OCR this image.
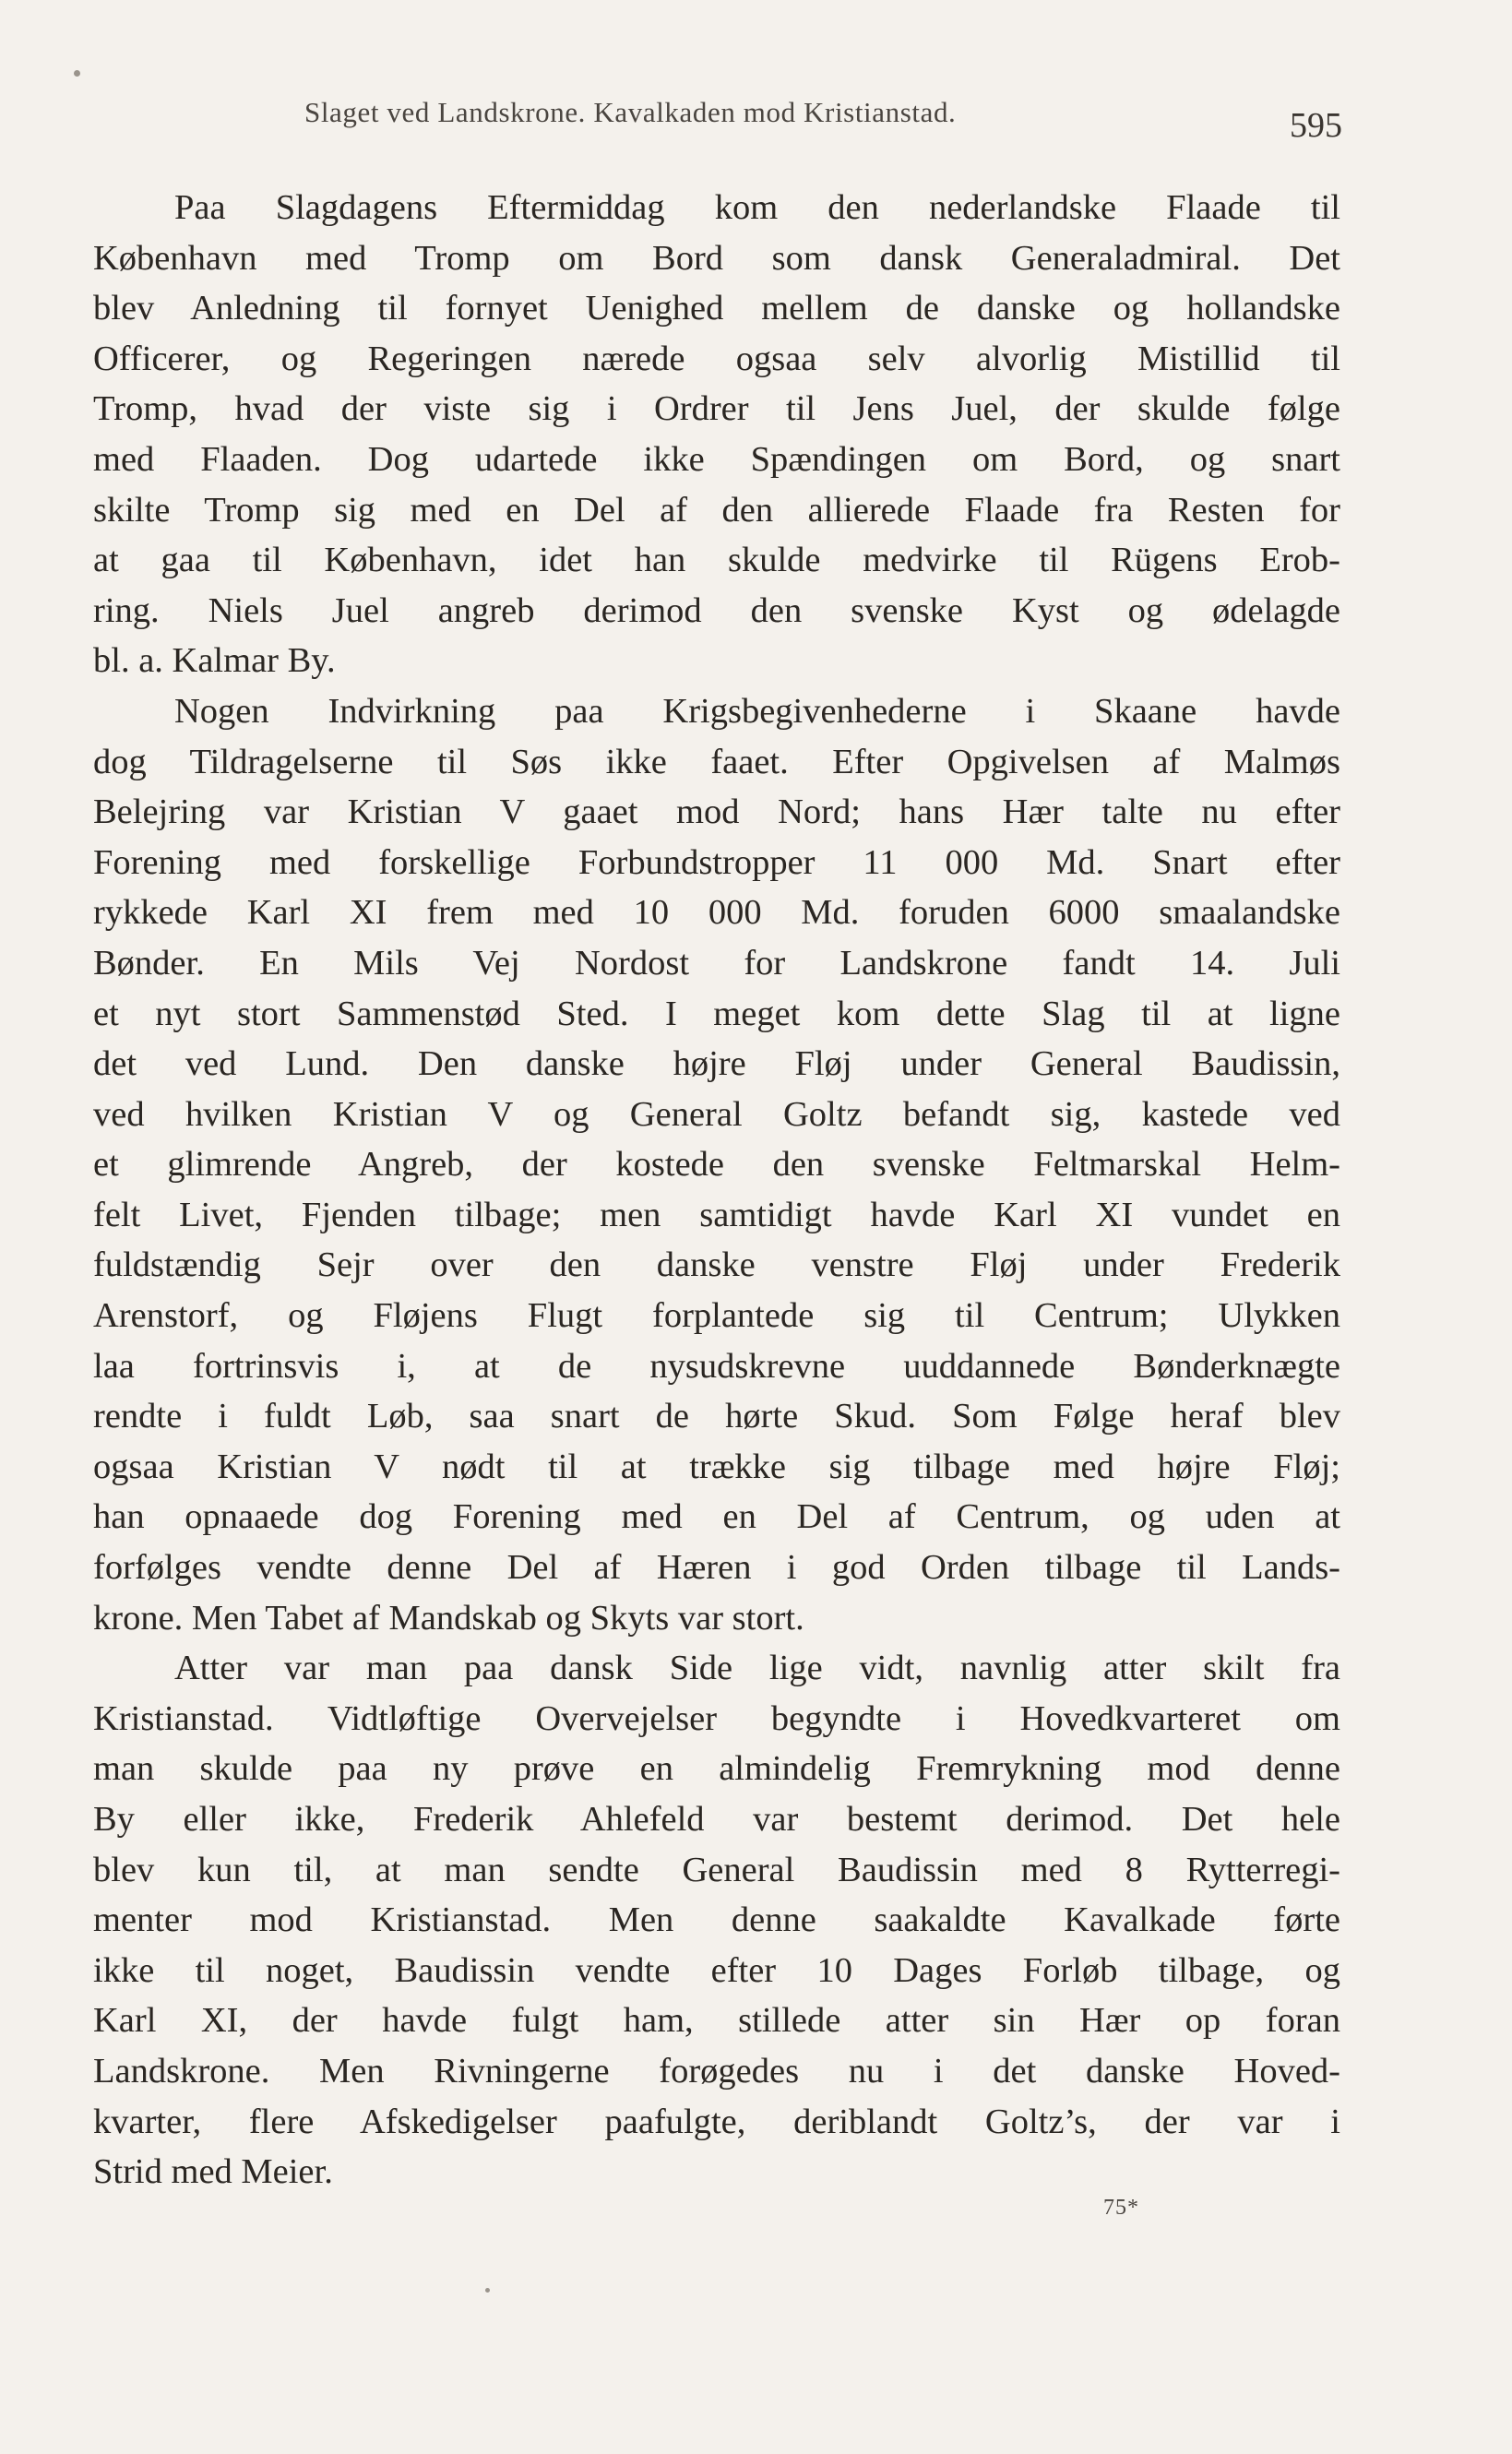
Slaget ved Landskrone. Kavalkaden mod Kristianstad.	595
Paa Slagdagens Eftermiddag kom den nederlandske Flaade til
København med Tromp om Bord som dansk Generaladmiral. Det
blev Anledning til fornyet Uenighed mellem de danske og hollandske
Officerer, og Regeringen nærede ogsaa selv alvorlig Mistillid til
Tromp, hvad der viste sig i Ordrer til Jens Juel, der skulde følge
med Flaaden. Dog udartede ikke Spændingen om Bord, og snart
skilte Tromp sig med en Del af den allierede Flaade fra Resten for
at gaa til København, idet han skulde medvirke til Rügens Erob-
ring. Niels Juel angreb derimod den svenske Kyst og ødelagde
bl. a. Kalmar By.
Nogen Indvirkning paa Krigsbegivenhederne i Skaane havde
dog Tildragelserne til Søs ikke faaet. Efter Opgivelsen af Malmøs
Belejring var Kristian V gaaet mod Nord; hans Hær talte nu efter
Forening med forskellige Forbundstropper 11 000 Md. Snart efter
rykkede Karl XI frem med 10 000 Md. foruden 6000 smaalandske
Bønder. En Mils Vej Nordost for Landskrone fandt 14. Juli
et nyt stort Sammenstød Sted. I meget kom dette Slag til at ligne
det ved Lund. Den danske højre Fløj under General Baudissin,
ved hvilken Kristian V og General Goltz befandt sig, kastede ved
et glimrende Angreb, der kostede den svenske Feltmarskal Helm-
felt Livet, Fjenden tilbage; men samtidigt havde Karl XI vundet en
fuldstændig Sejr over den danske venstre Fløj under Frederik
Arenstorf, og Fløjens Flugt forplantede sig til Centrum; Ulykken
laa fortrinsvis i, at de nysudskrevne uuddannede Bønderknægte
rendte i fuldt Løb, saa snart de hørte Skud. Som Følge heraf blev
ogsaa Kristian V nødt til at trække sig tilbage med højre Fløj;
han opnaaede dog Forening med en Del af Centrum, og uden at
forfølges vendte denne Del af Hæren i god Orden tilbage til Lands-
krone. Men Tabet af Mandskab og Skyts var stort.
Atter var man paa dansk Side lige vidt, navnlig atter skilt fra
Kristianstad. Vidtløftige Overvejelser begyndte i Hovedkvarteret om
man skulde paa ny prøve en almindelig Fremrykning mod denne
By eller ikke, Frederik Ahlefeld var bestemt derimod. Det hele
blev kun til, at man sendte General Baudissin med 8 Rytterregi-
menter mod Kristianstad. Men denne saakaldte Kavalkade førte
ikke til noget, Baudissin vendte efter 10 Dages Forløb tilbage, og
Karl XI, der havde fulgt ham, stillede atter sin Hær op foran
Landskrone. Men Rivningerne forøgedes nu i det danske Hoved-
kvarter, flere Afskedigelser paafulgte, deriblandt Goltz’s, der var i
Strid med Meier.
75*
